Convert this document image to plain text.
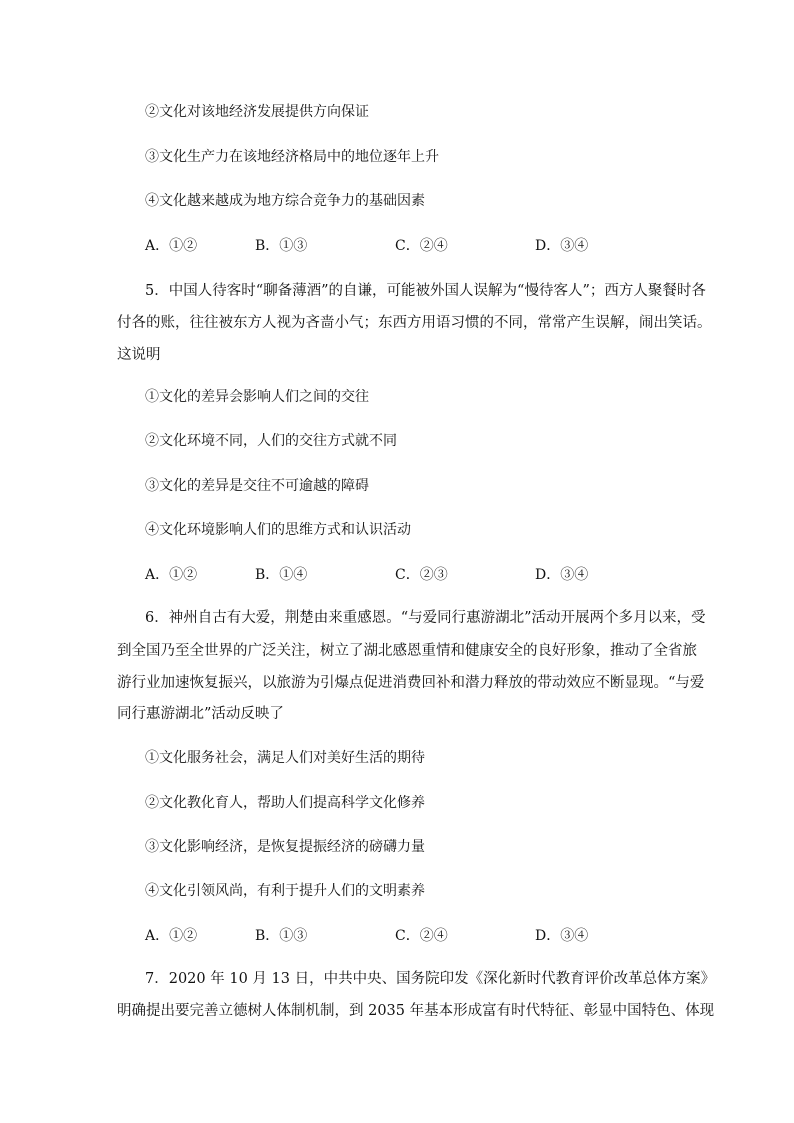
②文化对该地经济发展提供方向保证
③文化生产力在该地经济格局中的地位逐年上升
④文化越来越成为地方综合竞争力的基础因素
A．①②	B．①③	C．②④	D．③④
5．中国人待客时“聊备薄酒”的自谦，可能被外国人误解为“慢待客人”；西方人聚餐时各
付各的账，往往被东方人视为吝啬小气；东西方用语习惯的不同，常常产生误解，闹出笑话。
这说明
①文化的差异会影响人们之间的交往
②文化环境不同，人们的交往方式就不同
③文化的差异是交往不可逾越的障碍
④文化环境影响人们的思维方式和认识活动
A．①②	B．①④	C．②③	D．③④
6．神州自古有大爱，荆楚由来重感恩。“与爱同行惠游湖北”活动开展两个多月以来，受
到全国乃至全世界的广泛关注，树立了湖北感恩重情和健康安全的良好形象，推动了全省旅
游行业加速恢复振兴，以旅游为引爆点促进消费回补和潜力释放的带动效应不断显现。“与爱
同行惠游湖北”活动反映了
①文化服务社会，满足人们对美好生活的期待
②文化教化育人，帮助人们提高科学文化修养
③文化影响经济，是恢复提振经济的磅礴力量
④文化引领风尚，有利于提升人们的文明素养
A．①②	B．①③	C．②④	D．③④
7．2020 年 10 月 13 日，中共中央、国务院印发《深化新时代教育评价改革总体方案》
明确提出要完善立德树人体制机制，到 2035 年基本形成富有时代特征、彰显中国特色、体现
